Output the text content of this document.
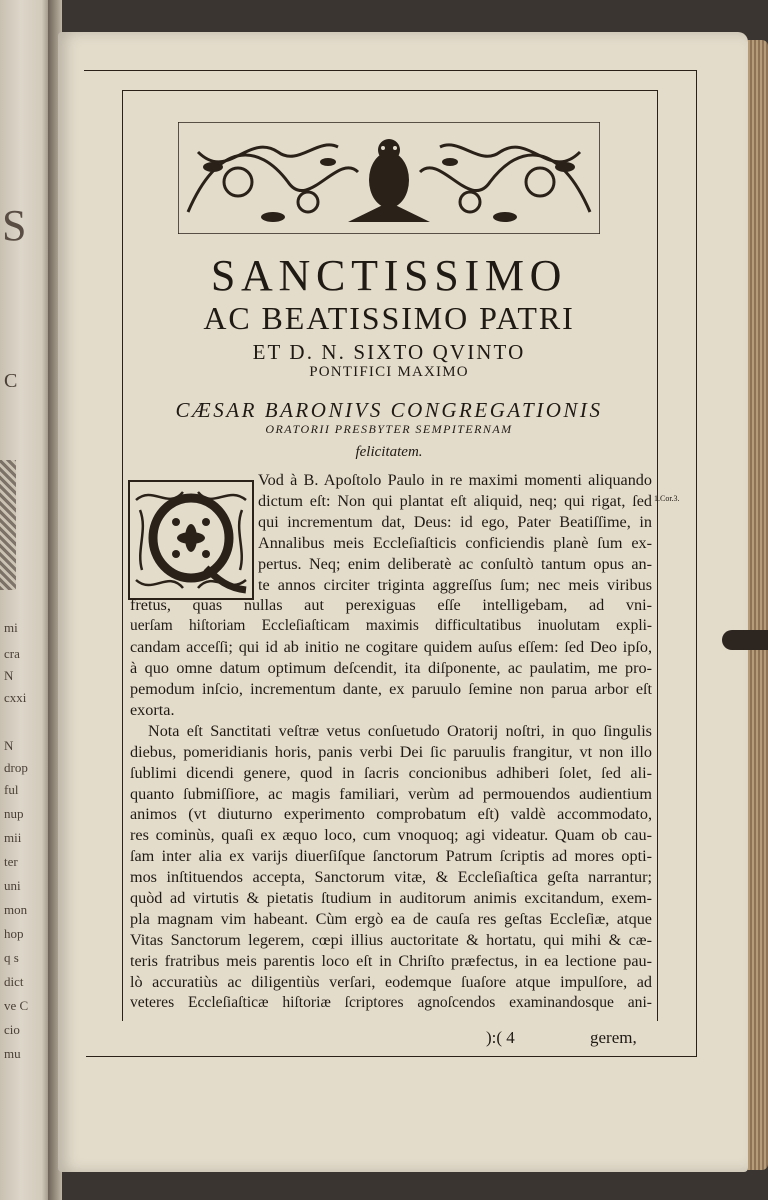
S
C
mi
cra
N
cxxi
N
drop
ful
nup
mii
ter
uni
mon
hop
q s
dict
ve C
cio
mu
SANCTISSIMO
AC BEATISSIMO PATRI
ET D. N. SIXTO QVINTO
PONTIFICI MAXIMO
CÆSAR BARONIVS CONGREGATIONIS
ORATORII PRESBYTER SEMPITERNAM
felicitatem.
1.Cor.3.
Vod à B. Apoſtolo Paulo in re maximi momenti aliquando
dictum eſt: Non qui plantat eſt aliquid, neq; qui rigat, ſed
qui incrementum dat, Deus: id ego, Pater Beatiſſime, in
Annalibus meis Eccleſiaſticis conficiendis planè ſum ex-
pertus. Neq; enim deliberatè ac conſultò tantum opus an-
te annos circiter triginta aggreſſus ſum; nec meis viribus
fretus, quas nullas aut perexiguas eſſe intelligebam, ad vni-
uerſam hiſtoriam Eccleſiaſticam maximis difficultatibus inuolutam expli-
candam acceſſi; qui id ab initio ne cogitare quidem auſus eſſem: ſed Deo ipſo,
à quo omne datum optimum deſcendit, ita diſponente, ac paulatim, me pro-
pemodum inſcio, incrementum dante, ex paruulo ſemine non parua arbor eſt
exorta.
Nota eſt Sanctitati veſtræ vetus conſuetudo Oratorij noſtri, in quo ſingulis
diebus, pomeridianis horis, panis verbi Dei ſic paruulis frangitur, vt non illo
ſublimi dicendi genere, quod in ſacris concionibus adhiberi ſolet, ſed ali-
quanto ſubmiſſiore, ac magis familiari, verùm ad permouendos audientium
animos (vt diuturno experimento comprobatum eſt) valdè accommodato,
res cominùs, quaſi ex æquo loco, cum vnoquoq; agi videatur. Quam ob cau-
ſam inter alia ex varijs diuerſiſque ſanctorum Patrum ſcriptis ad mores opti-
mos inſtituendos accepta, Sanctorum vitæ, & Eccleſiaſtica geſta narrantur;
quòd ad virtutis & pietatis ſtudium in auditorum animis excitandum, exem-
pla magnam vim habeant. Cùm ergò ea de cauſa res geſtas Eccleſiæ, atque
Vitas Sanctorum legerem, cœpi illius auctoritate & hortatu, qui mihi & cæ-
teris fratribus meis parentis loco eſt in Chriſto præfectus, in ea lectione pau-
lò accuratiùs ac diligentiùs verſari, eodemque ſuaſore atque impulſore, ad
veteres Eccleſiaſticæ hiſtoriæ ſcriptores agnoſcendos examinandosque ani-
):( 4	gerem,
